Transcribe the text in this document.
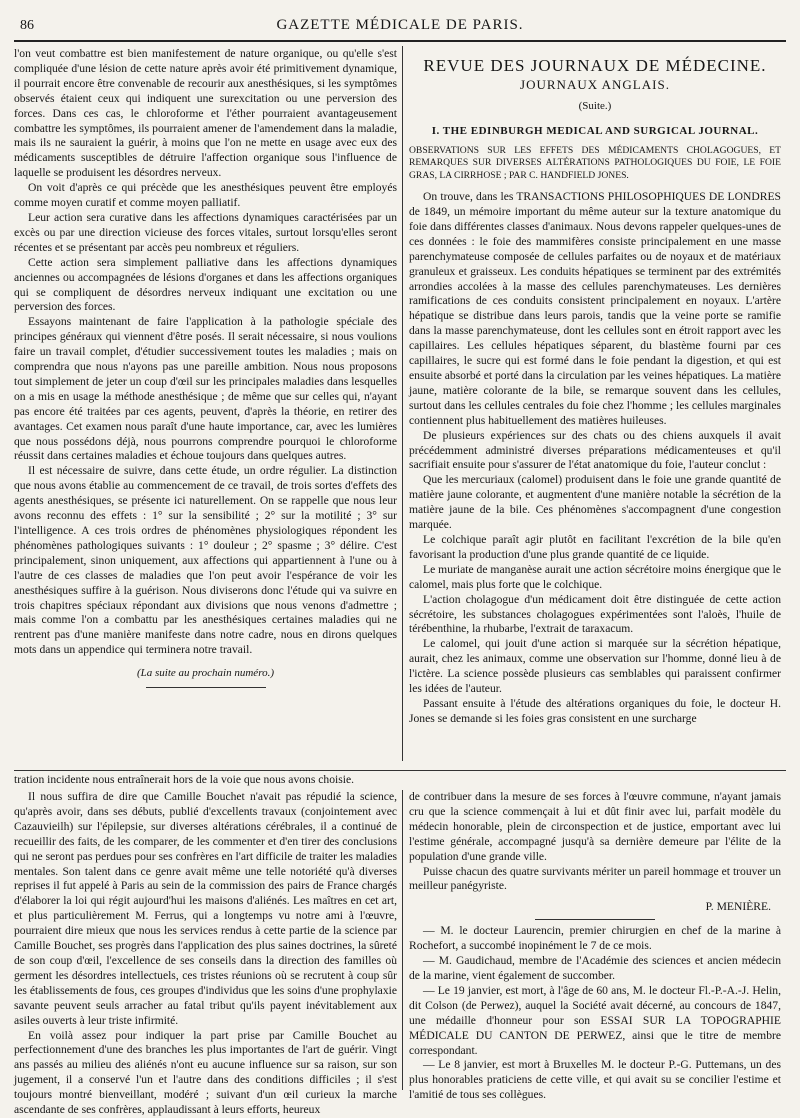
86	GAZETTE MÉDICALE DE PARIS.

l'on veut combattre est bien manifestement de nature organique, ou qu'elle s'est compliquée d'une lésion de cette nature après avoir été primitivement dynamique, il pourrait encore être convenable de recourir aux anesthésiques, si les symptômes observés étaient ceux qui indiquent une surexcitation ou une perversion des forces. Dans ces cas, le chloroforme et l'éther pourraient avantageusement combattre les symptômes, ils pourraient amener de l'amendement dans la maladie, mais ils ne sauraient la guérir, à moins que l'on ne mette en usage avec eux des médicaments susceptibles de détruire l'affection organique sous l'influence de laquelle se produisent les désordres nerveux.

On voit d'après ce qui précède que les anesthésiques peuvent être employés comme moyen curatif et comme moyen palliatif.

Leur action sera curative dans les affections dynamiques caractérisées par un excès ou par une direction vicieuse des forces vitales, surtout lorsqu'elles seront récentes et se présentant par accès peu nombreux et réguliers.

Cette action sera simplement palliative dans les affections dynamiques anciennes ou accompagnées de lésions d'organes et dans les affections organiques qui se compliquent de désordres nerveux indiquant une excitation ou une perversion des forces.

Essayons maintenant de faire l'application à la pathologie spéciale des principes généraux qui viennent d'être posés. Il serait nécessaire, si nous voulions faire un travail complet, d'étudier successivement toutes les maladies ; mais on comprendra que nous n'ayons pas une pareille ambition. Nous nous proposons tout simplement de jeter un coup d'œil sur les principales maladies dans lesquelles on a mis en usage la méthode anesthésique ; de même que sur celles qui, n'ayant pas encore été traitées par ces agents, peuvent, d'après la théorie, en retirer des avantages. Cet examen nous paraît d'une haute importance, car, avec les lumières que nous possédons déjà, nous pourrons comprendre pourquoi le chloroforme réussit dans certaines maladies et échoue toujours dans quelques autres.

Il est nécessaire de suivre, dans cette étude, un ordre régulier. La distinction que nous avons établie au commencement de ce travail, de trois sortes d'effets des agents anesthésiques, se présente ici naturellement. On se rappelle que nous leur avons reconnu des effets : 1° sur la sensibilité ; 2° sur la motilité ; 3° sur l'intelligence. A ces trois ordres de phénomènes physiologiques répondent les phénomènes pathologiques suivants : 1° douleur ; 2° spasme ; 3° délire. C'est principalement, sinon uniquement, aux affections qui appartiennent à l'une ou à l'autre de ces classes de maladies que l'on peut avoir l'espérance de voir les anesthésiques suffire à la guérison. Nous diviserons donc l'étude qui va suivre en trois chapitres spéciaux répondant aux divisions que nous venons d'admettre ; mais comme l'on a combattu par les anesthésiques certaines maladies qui ne rentrent pas d'une manière manifeste dans notre cadre, nous en dirons quelques mots dans un appendice qui terminera notre travail.

(La suite au prochain numéro.)
REVUE DES JOURNAUX DE MÉDECINE.
JOURNAUX ANGLAIS.
(Suite.)
I. THE EDINBURGH MEDICAL AND SURGICAL JOURNAL.
OBSERVATIONS SUR LES EFFETS DES MÉDICAMENTS CHOLAGOGUES, ET REMARQUES SUR DIVERSES ALTÉRATIONS PATHOLOGIQUES DU FOIE, LE FOIE GRAS, LA CIRRHOSE ; PAR C. HANDFIELD JONES.

On trouve, dans les TRANSACTIONS PHILOSOPHIQUES DE LONDRES de 1849, un mémoire important du même auteur sur la texture anatomique du foie dans différentes classes d'animaux. Nous devons rappeler quelques-unes de ces données : le foie des mammifères consiste principalement en une masse parenchymateuse composée de cellules parfaites ou de noyaux et de matériaux granuleux et graisseux. Les conduits hépatiques se terminent par des extrémités arrondies accolées à la masse des cellules parenchymateuses. Les dernières ramifications de ces conduits consistent principalement en noyaux. L'artère hépatique se distribue dans leurs parois, tandis que la veine porte se ramifie dans la masse parenchymateuse, dont les cellules sont en étroit rapport avec les capillaires. Les cellules hépatiques séparent, du blastème fourni par ces capillaires, le sucre qui est formé dans le foie pendant la digestion, et qui est ensuite absorbé et porté dans la circulation par les veines hépatiques. La matière jaune, matière colorante de la bile, se remarque souvent dans les cellules, surtout dans les cellules centrales du foie chez l'homme ; les cellules marginales contiennent plus habituellement des matières huileuses.

De plusieurs expériences sur des chats ou des chiens auxquels il avait précédemment administré diverses préparations médicamenteuses et qu'il sacrifiait ensuite pour s'assurer de l'état anatomique du foie, l'auteur conclut :

Que les mercuriaux (calomel) produisent dans le foie une grande quantité de matière jaune colorante, et augmentent d'une manière notable la sécrétion de la matière jaune de la bile. Ces phénomènes s'accompagnent d'une congestion marquée.

Le colchique paraît agir plutôt en facilitant l'excrétion de la bile qu'en favorisant la production d'une plus grande quantité de ce liquide.

Le muriate de manganèse aurait une action sécrétoire moins énergique que le calomel, mais plus forte que le colchique.

L'action cholagogue d'un médicament doit être distinguée de cette action sécrétoire, les substances cholagogues expérimentées sont l'aloès, l'huile de térébenthine, la rhubarbe, l'extrait de taraxacum.

Le calomel, qui jouit d'une action si marquée sur la sécrétion hépatique, aurait, chez les animaux, comme une observation sur l'homme, donné lieu à de l'ictère. La science possède plusieurs cas semblables qui paraissent confirmer les idées de l'auteur.

Passant ensuite à l'étude des altérations organiques du foie, le docteur H. Jones se demande si les foies gras consistent en une surcharge

tration incidente nous entraînerait hors de la voie que nous avons choisie.

Il nous suffira de dire que Camille Bouchet n'avait pas répudié la science, qu'après avoir, dans ses débuts, publié d'excellents travaux (conjointement avec Cazauvieilh) sur l'épilepsie, sur diverses altérations cérébrales, il a continué de recueillir des faits, de les comparer, de les commenter et d'en tirer des conclusions qui ne seront pas perdues pour ses confrères en l'art difficile de traiter les maladies mentales. Son talent dans ce genre avait même une telle notoriété qu'à diverses reprises il fut appelé à Paris au sein de la commission des pairs de France chargés d'élaborer la loi qui régit aujourd'hui les maisons d'aliénés. Les maîtres en cet art, et plus particulièrement M. Ferrus, qui a longtemps vu notre ami à l'œuvre, pourraient dire mieux que nous les services rendus à cette partie de la science par Camille Bouchet, ses progrès dans l'application des plus saines doctrines, la sûreté de son coup d'œil, l'excellence de ses conseils dans la direction des familles où germent les désordres intellectuels, ces tristes réunions où se recrutent à coup sûr les établissements de fous, ces groupes d'individus que les soins d'une prophylaxie savante peuvent seuls arracher au fatal tribut qu'ils payent inévitablement aux asiles ouverts à leur triste infirmité.

En voilà assez pour indiquer la part prise par Camille Bouchet au perfectionnement d'une des branches les plus importantes de l'art de guérir. Vingt ans passés au milieu des aliénés n'ont eu aucune influence sur sa raison, sur son jugement, il a conservé l'un et l'autre dans des conditions difficiles ; il s'est toujours montré bienveillant, modéré ; suivant d'un œil curieux la marche ascendante de ses confrères, applaudissant à leurs efforts, heureux

de contribuer dans la mesure de ses forces à l'œuvre commune, n'ayant jamais cru que la science commençait à lui et dût finir avec lui, parfait modèle du médecin honorable, plein de circonspection et de justice, emportant avec lui l'estime générale, accompagné jusqu'à sa dernière demeure par l'élite de la population d'une grande ville.

Puisse chacun des quatre survivants mériter un pareil hommage et trouver un meilleur panégyriste.

P. MENIÈRE.

— M. le docteur Laurencin, premier chirurgien en chef de la marine à Rochefort, a succombé inopinément le 7 de ce mois.

— M. Gaudichaud, membre de l'Académie des sciences et ancien médecin de la marine, vient également de succomber.

— Le 19 janvier, est mort, à l'âge de 60 ans, M. le docteur Fl.-P.-A.-J. Helin, dit Colson (de Perwez), auquel la Société avait décerné, au concours de 1847, une médaille d'honneur pour son ESSAI SUR LA TOPOGRAPHIE MÉDICALE DU CANTON DE PERWEZ, ainsi que le titre de membre correspondant.

— Le 8 janvier, est mort à Bruxelles M. le docteur P.-G. Puttemans, un des plus honorables praticiens de cette ville, et qui avait su se concilier l'estime et l'amitié de tous ses collègues.
